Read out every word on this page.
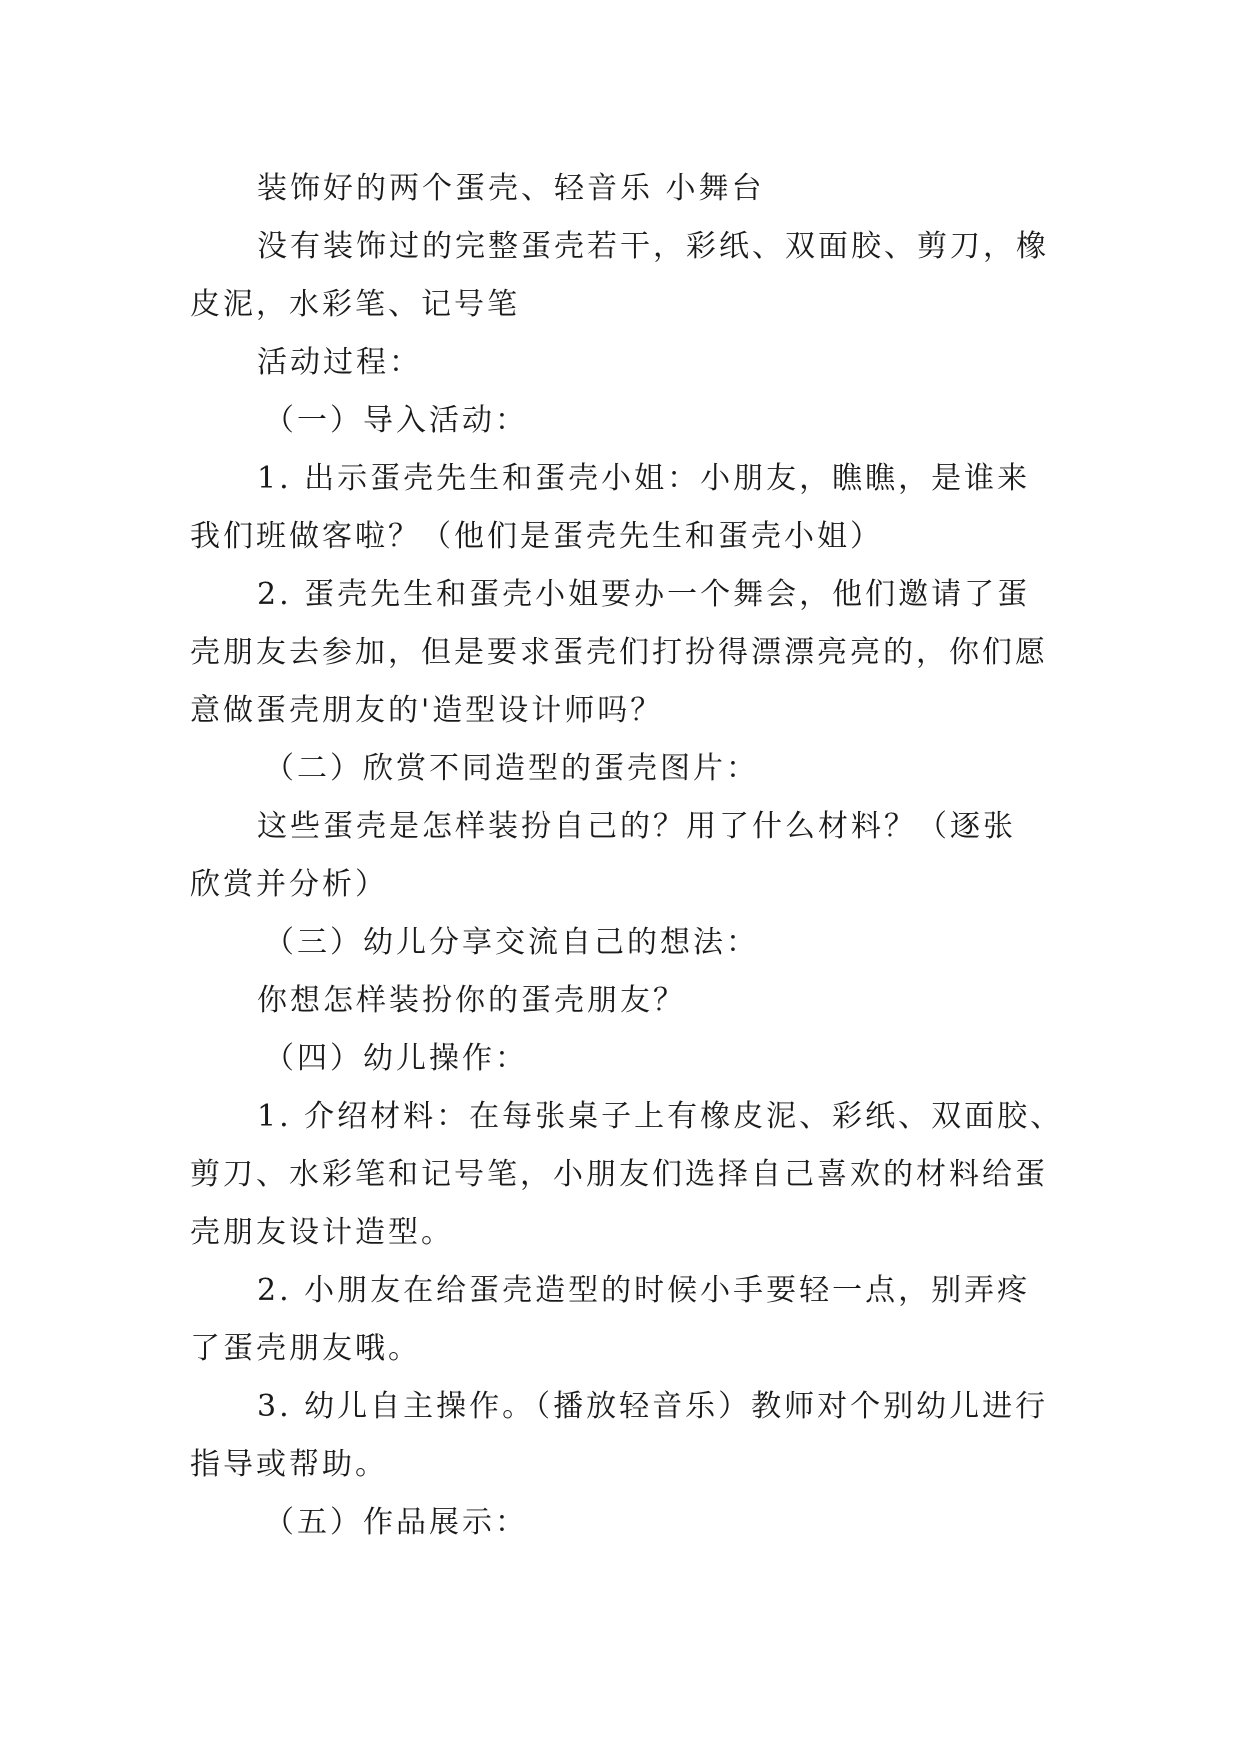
装饰好的两个蛋壳、轻音乐 小舞台
没有装饰过的完整蛋壳若干，彩纸、双面胶、剪刀，橡
皮泥，水彩笔、记号笔
活动过程：
（一）导入活动：
1. 出示蛋壳先生和蛋壳小姐：小朋友，瞧瞧，是谁来
我们班做客啦？（他们是蛋壳先生和蛋壳小姐）
2. 蛋壳先生和蛋壳小姐要办一个舞会，他们邀请了蛋
壳朋友去参加，但是要求蛋壳们打扮得漂漂亮亮的，你们愿
意做蛋壳朋友的'造型设计师吗？
（二）欣赏不同造型的蛋壳图片：
这些蛋壳是怎样装扮自己的？用了什么材料？（逐张
欣赏并分析）
（三）幼儿分享交流自己的想法：
你想怎样装扮你的蛋壳朋友？
（四）幼儿操作：
1. 介绍材料：在每张桌子上有橡皮泥、彩纸、双面胶、
剪刀、水彩笔和记号笔，小朋友们选择自己喜欢的材料给蛋
壳朋友设计造型。
2. 小朋友在给蛋壳造型的时候小手要轻一点，别弄疼
了蛋壳朋友哦。
3. 幼儿自主操作。（播放轻音乐）教师对个别幼儿进行
指导或帮助。
（五）作品展示：
